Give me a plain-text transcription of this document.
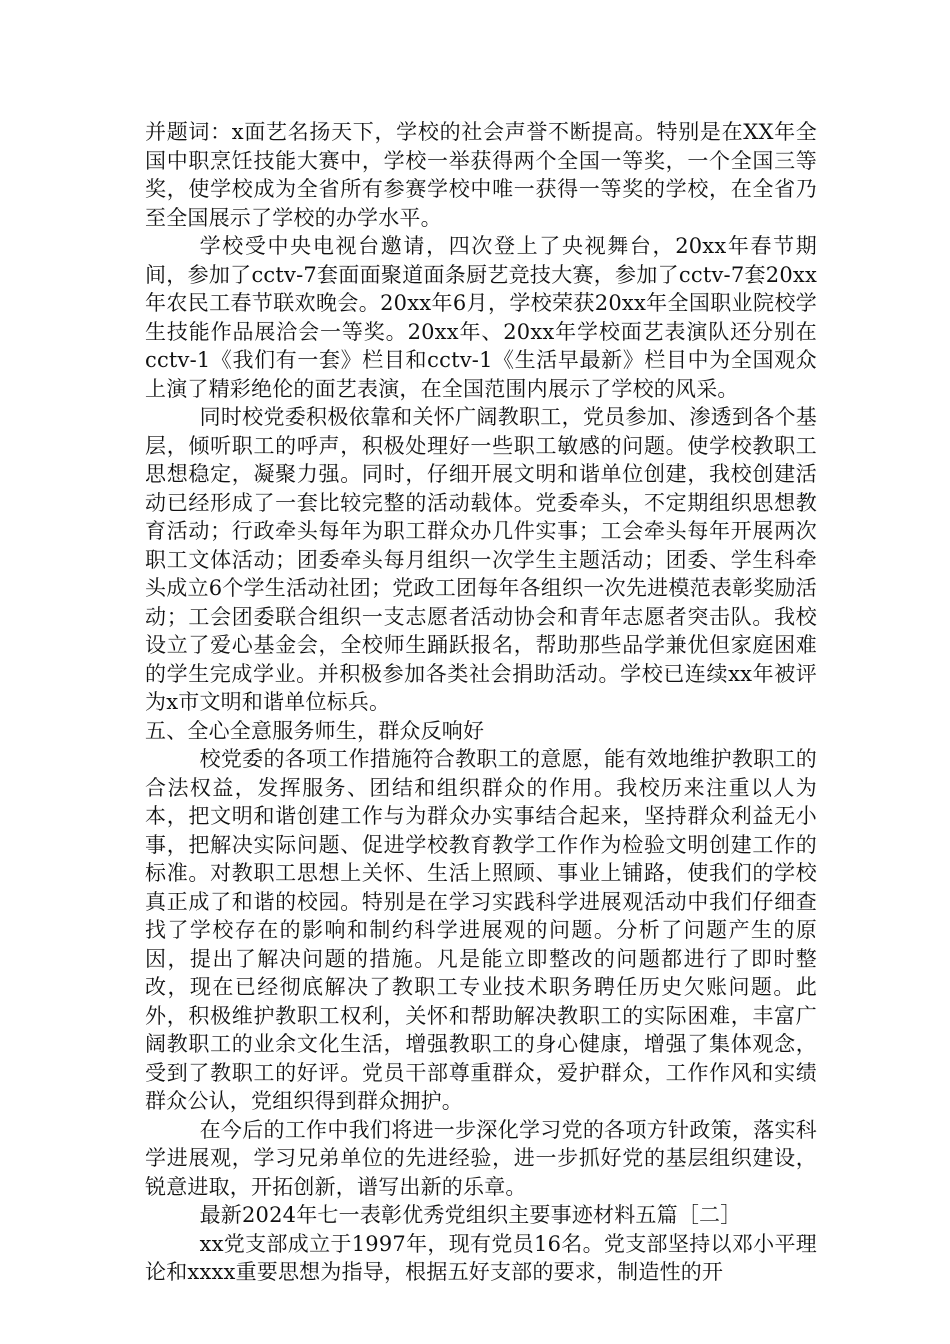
并题词：x面艺名扬天下，学校的社会声誉不断提高。特别是在XX年全国中职烹饪技能大赛中，学校一举获得两个全国一等奖，一个全国三等奖，使学校成为全省所有参赛学校中唯一获得一等奖的学校，在全省乃至全国展示了学校的办学水平。

学校受中央电视台邀请，四次登上了央视舞台，20xx年春节期间，参加了cctv-7套面面聚道面条厨艺竞技大赛，参加了cctv-7套20xx年农民工春节联欢晚会。20xx年6月，学校荣获20xx年全国职业院校学生技能作品展洽会一等奖。20xx年、20xx年学校面艺表演队还分别在cctv-1《我们有一套》栏目和cctv-1《生活早最新》栏目中为全国观众上演了精彩绝伦的面艺表演，在全国范围内展示了学校的风采。

同时校党委积极依靠和关怀广阔教职工，党员参加、渗透到各个基层，倾听职工的呼声，积极处理好一些职工敏感的问题。使学校教职工思想稳定，凝聚力强。同时，仔细开展文明和谐单位创建，我校创建活动已经形成了一套比较完整的活动载体。党委牵头，不定期组织思想教育活动；行政牵头每年为职工群众办几件实事；工会牵头每年开展两次职工文体活动；团委牵头每月组织一次学生主题活动；团委、学生科牵头成立6个学生活动社团；党政工团每年各组织一次先进模范表彰奖励活动；工会团委联合组织一支志愿者活动协会和青年志愿者突击队。我校设立了爱心基金会，全校师生踊跃报名，帮助那些品学兼优但家庭困难的学生完成学业。并积极参加各类社会捐助活动。学校已连续xx年被评为x市文明和谐单位标兵。

五、全心全意服务师生，群众反响好

校党委的各项工作措施符合教职工的意愿，能有效地维护教职工的合法权益，发挥服务、团结和组织群众的作用。我校历来注重以人为本，把文明和谐创建工作与为群众办实事结合起来，坚持群众利益无小事，把解决实际问题、促进学校教育教学工作作为检验文明创建工作的标准。对教职工思想上关怀、生活上照顾、事业上铺路，使我们的学校真正成了和谐的校园。特别是在学习实践科学进展观活动中我们仔细查找了学校存在的影响和制约科学进展观的问题。分析了问题产生的原因，提出了解决问题的措施。凡是能立即整改的问题都进行了即时整改，现在已经彻底解决了教职工专业技术职务聘任历史欠账问题。此外，积极维护教职工权利，关怀和帮助解决教职工的实际困难，丰富广阔教职工的业余文化生活，增强教职工的身心健康，增强了集体观念，受到了教职工的好评。党员干部尊重群众，爱护群众，工作作风和实绩群众公认，党组织得到群众拥护。

在今后的工作中我们将进一步深化学习党的各项方针政策，落实科学进展观，学习兄弟单位的先进经验，进一步抓好党的基层组织建设，锐意进取，开拓创新，谱写出新的乐章。

最新2024年七一表彰优秀党组织主要事迹材料五篇［二］

xx党支部成立于1997年，现有党员16名。党支部坚持以邓小平理论和xxxx重要思想为指导，根据五好支部的要求，制造性的开
